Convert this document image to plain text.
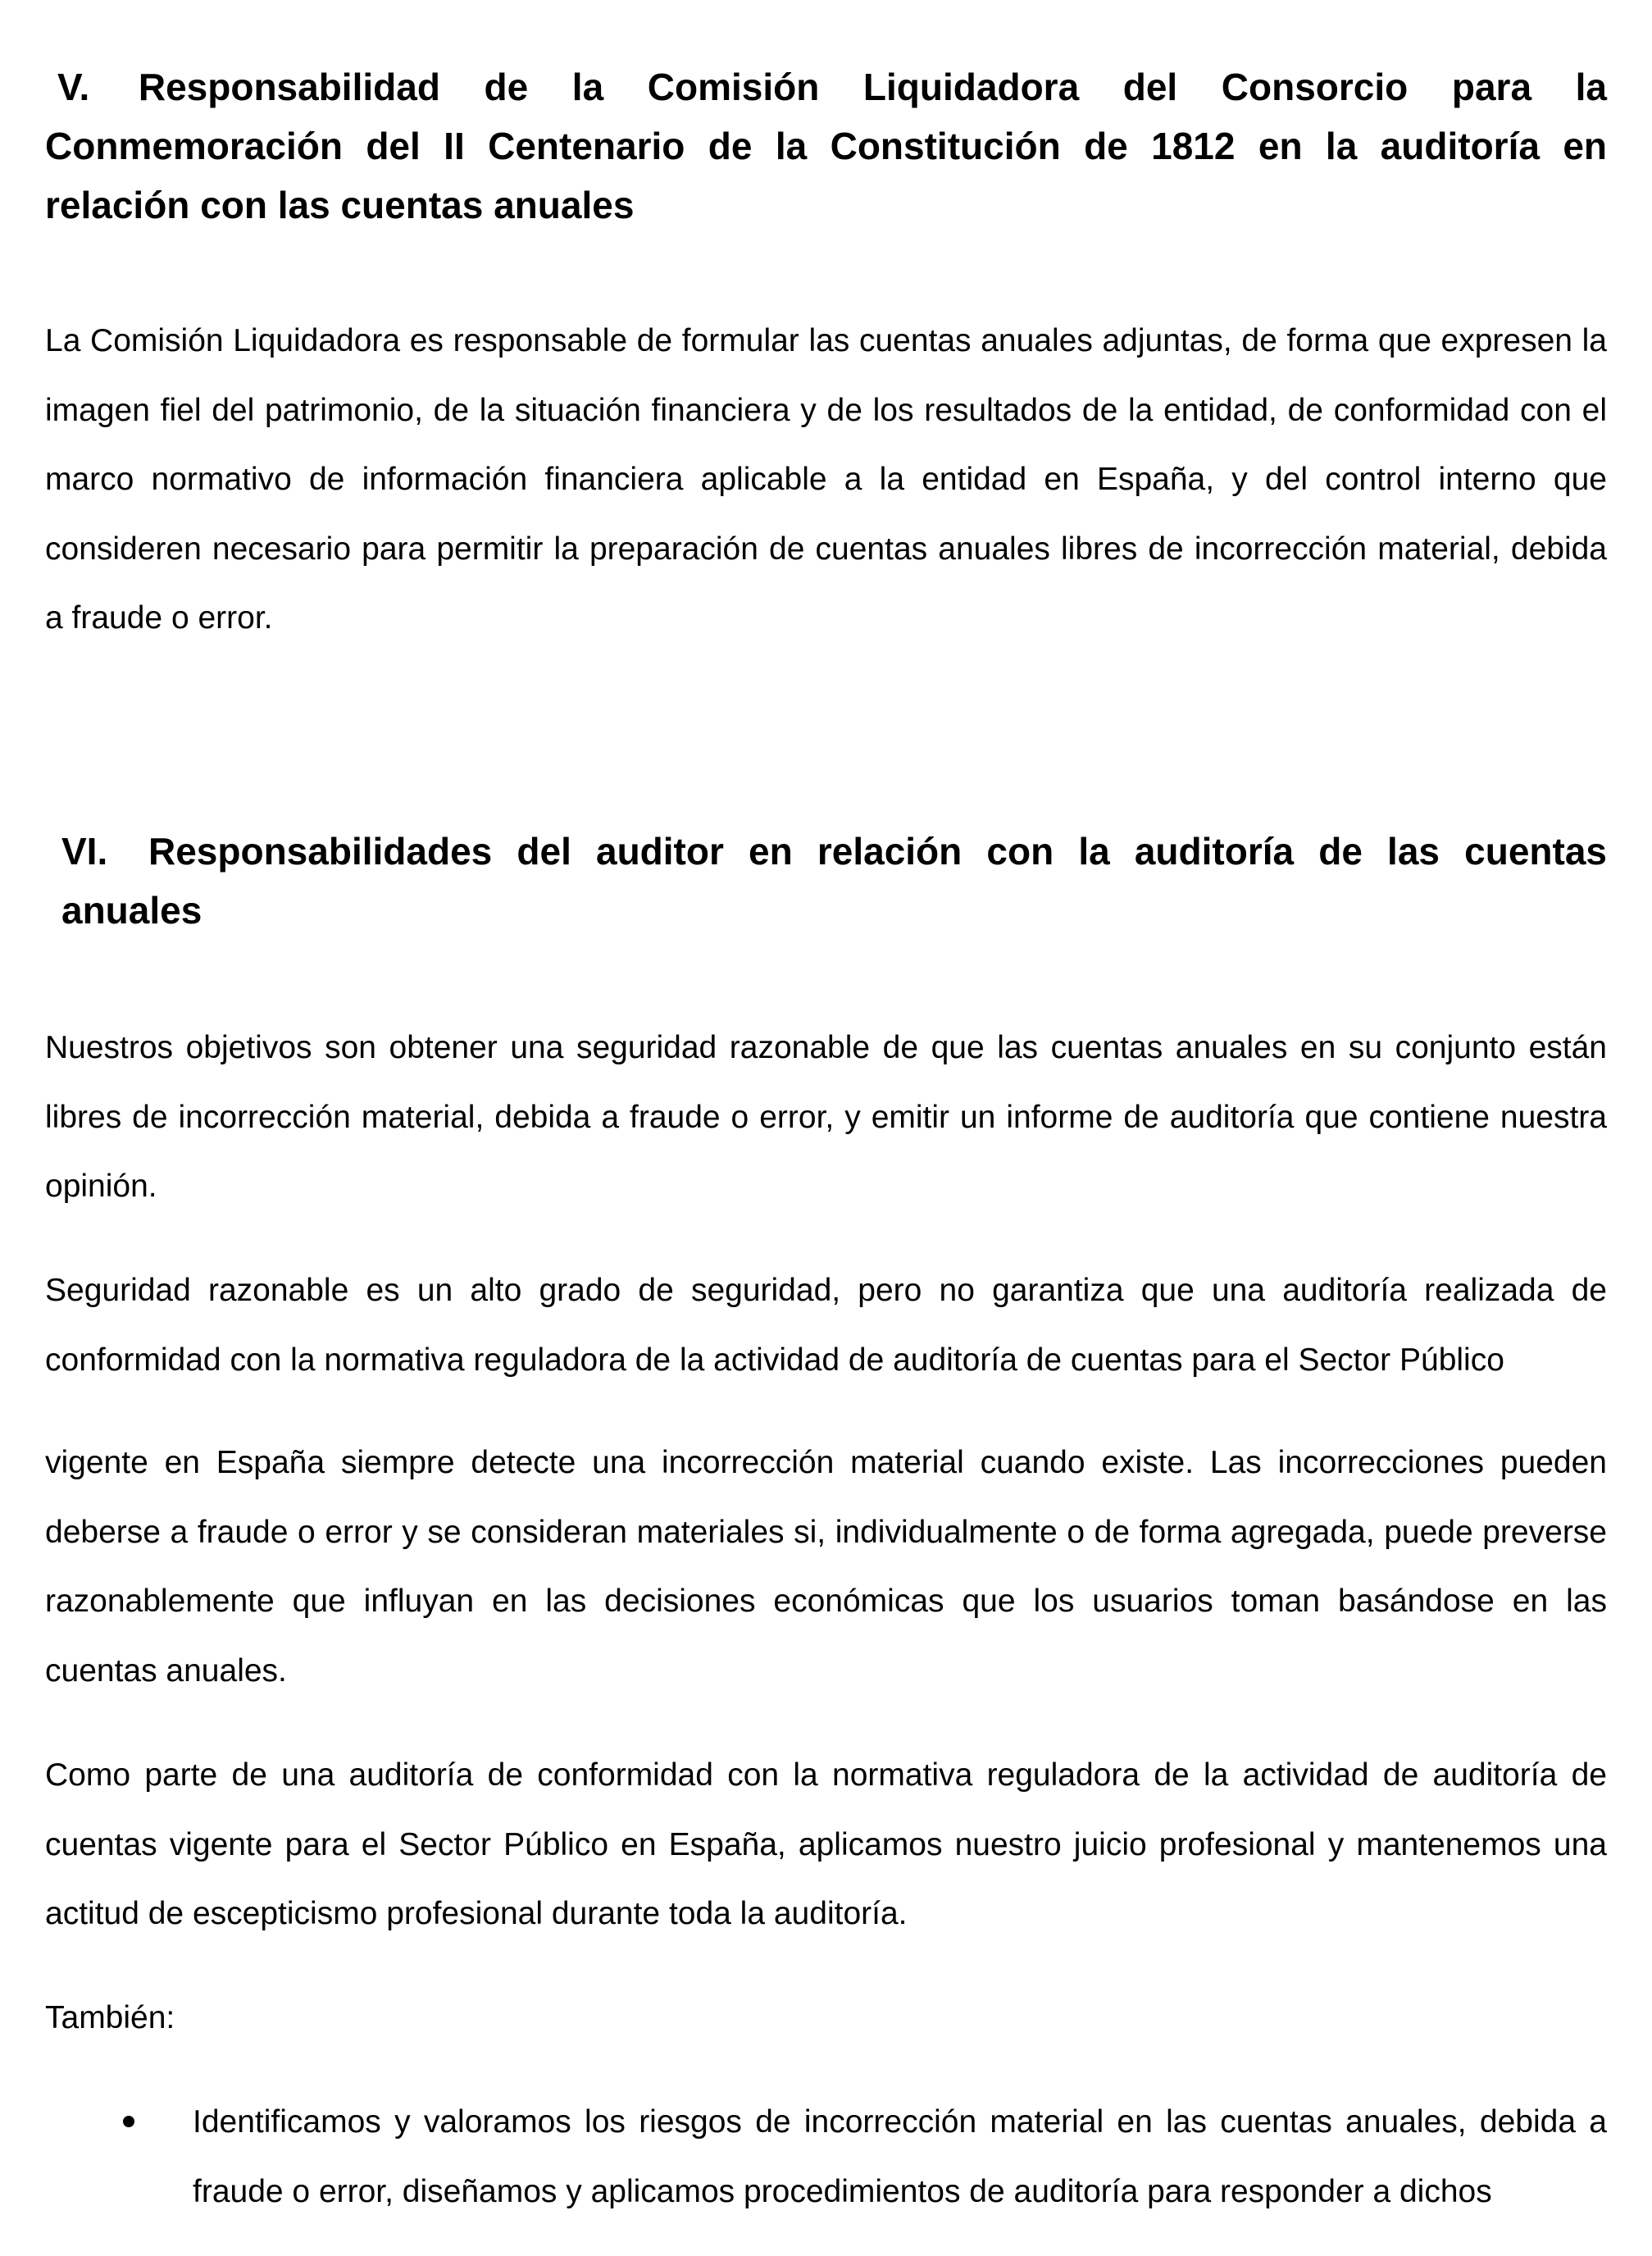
V. Responsabilidad de la Comisión Liquidadora del Consorcio para la Conmemoración del II Centenario de la Constitución de 1812 en la auditoría en relación con las cuentas anuales

La Comisión Liquidadora es responsable de formular las cuentas anuales adjuntas, de forma que expresen la imagen fiel del patrimonio, de la situación financiera y de los resultados de la entidad, de conformidad con el marco normativo de información financiera aplicable a la entidad en España, y del control interno que consideren necesario para permitir la preparación de cuentas anuales libres de incorrección material, debida a fraude o error.

VI. Responsabilidades del auditor en relación con la auditoría de las cuentas anuales

Nuestros objetivos son obtener una seguridad razonable de que las cuentas anuales en su conjunto están libres de incorrección material, debida a fraude o error, y emitir un informe de auditoría que contiene nuestra opinión.

Seguridad razonable es un alto grado de seguridad, pero no garantiza que una auditoría realizada de conformidad con la normativa reguladora de la actividad de auditoría de cuentas para el Sector Público

vigente en España siempre detecte una incorrección material cuando existe. Las incorrecciones pueden deberse a fraude o error y se consideran materiales si, individualmente o de forma agregada, puede preverse razonablemente que influyan en las decisiones económicas que los usuarios toman basándose en las cuentas anuales.

Como parte de una auditoría de conformidad con la normativa reguladora de la actividad de auditoría de cuentas vigente para el Sector Público en España, aplicamos nuestro juicio profesional y mantenemos una actitud de escepticismo profesional durante toda la auditoría.

También:

Identificamos y valoramos los riesgos de incorrección material en las cuentas anuales, debida a fraude o error, diseñamos y aplicamos procedimientos de auditoría para responder a dichos
